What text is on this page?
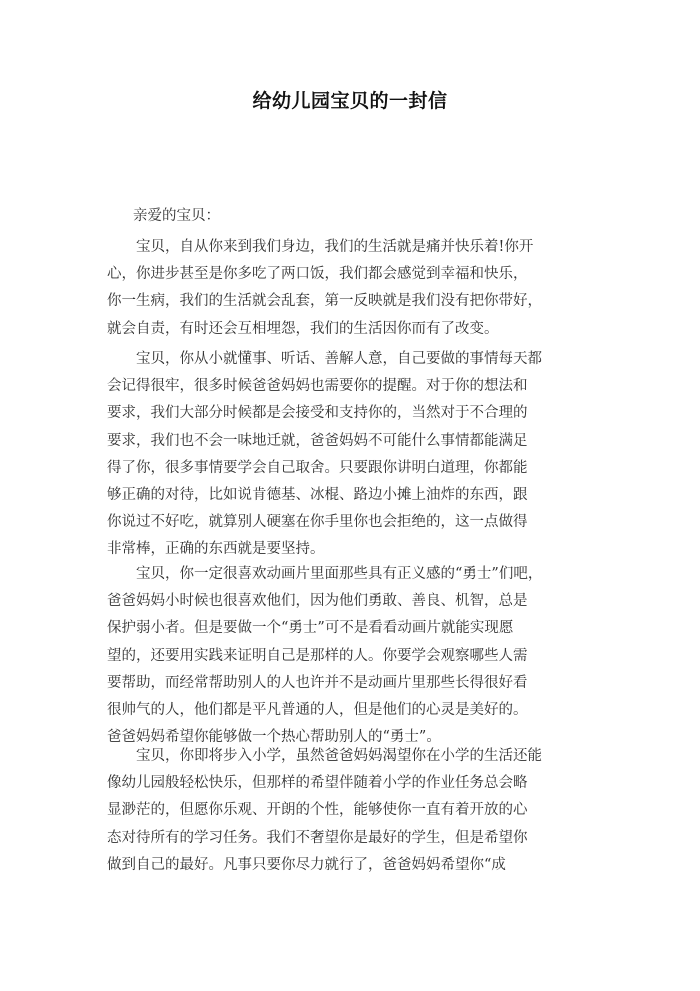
给幼儿园宝贝的一封信
亲爱的宝贝：
　　宝贝，自从你来到我们身边，我们的生活就是痛并快乐着!你开
心，你进步甚至是你多吃了两口饭，我们都会感觉到幸福和快乐，
你一生病，我们的生活就会乱套，第一反映就是我们没有把你带好，
就会自责，有时还会互相埋怨，我们的生活因你而有了改变。
　　宝贝，你从小就懂事、听话、善解人意，自己要做的事情每天都
会记得很牢，很多时候爸爸妈妈也需要你的提醒。对于你的想法和
要求，我们大部分时候都是会接受和支持你的，当然对于不合理的
要求，我们也不会一味地迁就，爸爸妈妈不可能什么事情都能满足
得了你，很多事情要学会自己取舍。只要跟你讲明白道理，你都能
够正确的对待，比如说肯德基、冰棍、路边小摊上油炸的东西，跟
你说过不好吃，就算别人硬塞在你手里你也会拒绝的，这一点做得
非常棒，正确的东西就是要坚持。
　　宝贝，你一定很喜欢动画片里面那些具有正义感的“勇士”们吧，
爸爸妈妈小时候也很喜欢他们，因为他们勇敢、善良、机智，总是
保护弱小者。但是要做一个“勇士”可不是看看动画片就能实现愿
望的，还要用实践来证明自己是那样的人。你要学会观察哪些人需
要帮助，而经常帮助别人的人也许并不是动画片里那些长得很好看
很帅气的人，他们都是平凡普通的人，但是他们的心灵是美好的。
爸爸妈妈希望你能够做一个热心帮助别人的“勇士”。
　　宝贝，你即将步入小学，虽然爸爸妈妈渴望你在小学的生活还能
像幼儿园般轻松快乐，但那样的希望伴随着小学的作业任务总会略
显渺茫的，但愿你乐观、开朗的个性，能够使你一直有着开放的心
态对待所有的学习任务。我们不奢望你是最好的学生，但是希望你
做到自己的最好。凡事只要你尽力就行了，爸爸妈妈希望你“成
